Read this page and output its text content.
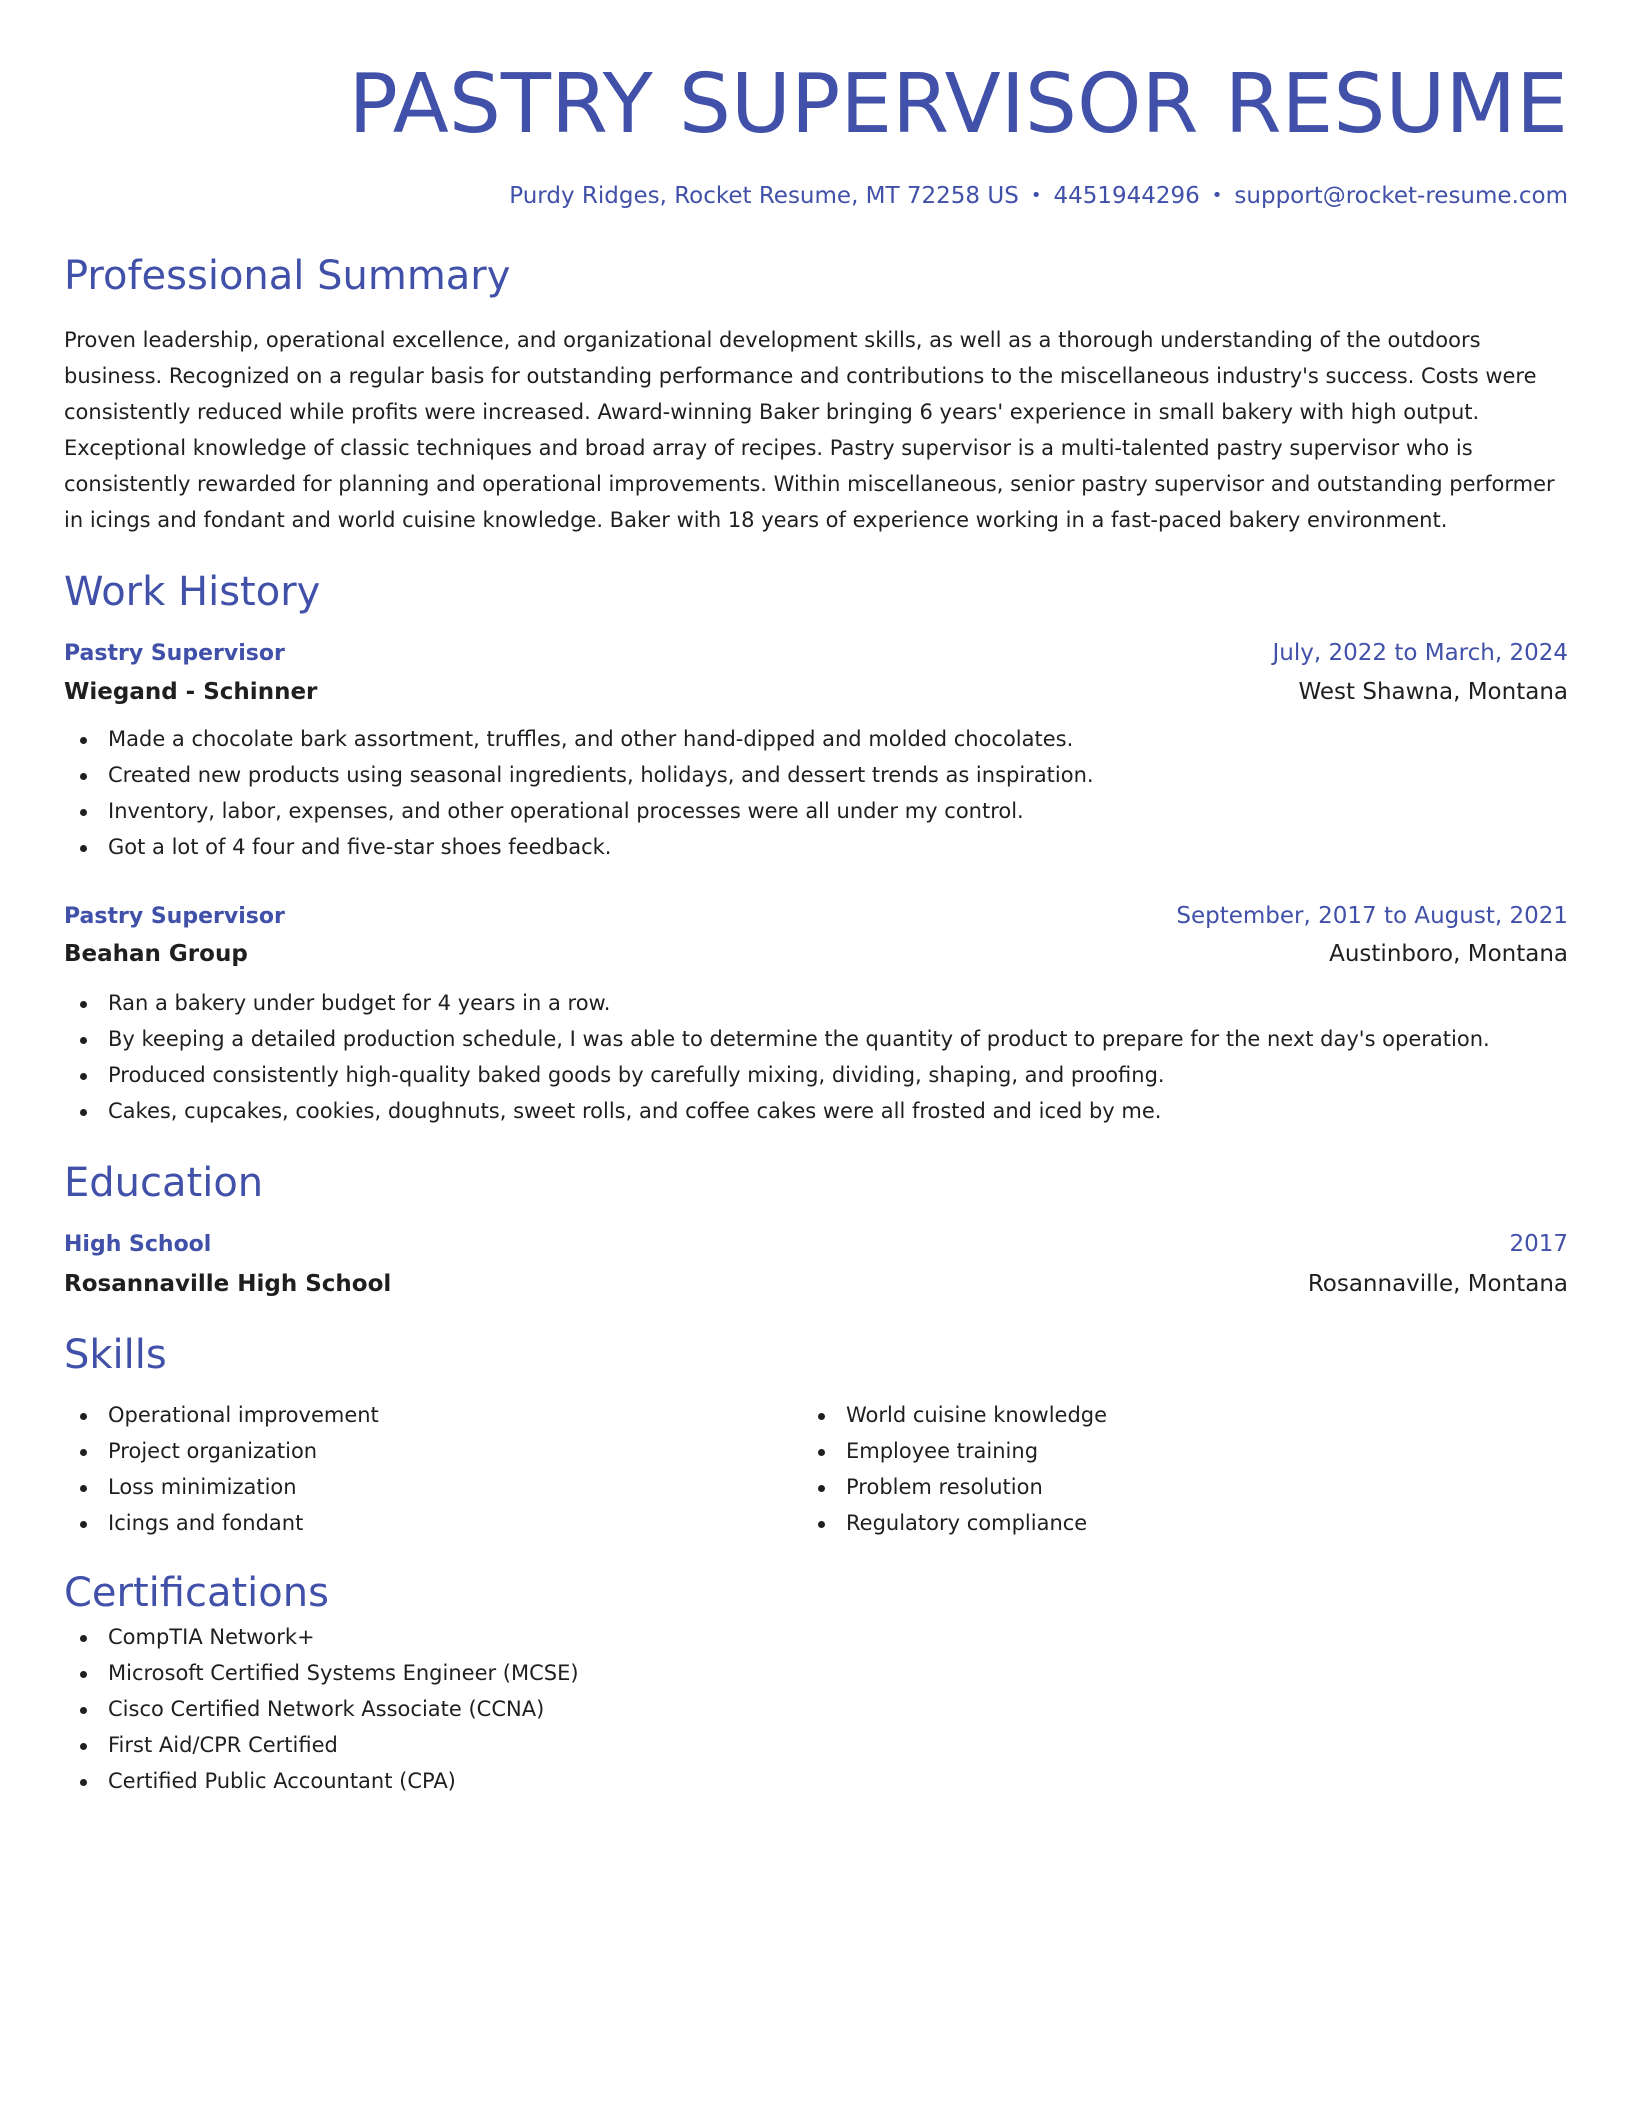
PASTRY SUPERVISOR RESUME
Purdy Ridges, Rocket Resume, MT 72258 US • 4451944296 • support@rocket-resume.com
Professional Summary
Proven leadership, operational excellence, and organizational development skills, as well as a thorough understanding of the outdoors business. Recognized on a regular basis for outstanding performance and contributions to the miscellaneous industry's success. Costs were consistently reduced while profits were increased. Award-winning Baker bringing 6 years' experience in small bakery with high output. Exceptional knowledge of classic techniques and broad array of recipes. Pastry supervisor is a multi-talented pastry supervisor who is consistently rewarded for planning and operational improvements. Within miscellaneous, senior pastry supervisor and outstanding performer in icings and fondant and world cuisine knowledge. Baker with 18 years of experience working in a fast-paced bakery environment.
Work History
Pastry Supervisor	July, 2022 to March, 2024
Wiegand - Schinner	West Shawna, Montana
Made a chocolate bark assortment, truffles, and other hand-dipped and molded chocolates.
Created new products using seasonal ingredients, holidays, and dessert trends as inspiration.
Inventory, labor, expenses, and other operational processes were all under my control.
Got a lot of 4 four and five-star shoes feedback.
Pastry Supervisor	September, 2017 to August, 2021
Beahan Group	Austinboro, Montana
Ran a bakery under budget for 4 years in a row.
By keeping a detailed production schedule, I was able to determine the quantity of product to prepare for the next day's operation.
Produced consistently high-quality baked goods by carefully mixing, dividing, shaping, and proofing.
Cakes, cupcakes, cookies, doughnuts, sweet rolls, and coffee cakes were all frosted and iced by me.
Education
High School	2017
Rosannaville High School	Rosannaville, Montana
Skills
Operational improvement
Project organization
Loss minimization
Icings and fondant
World cuisine knowledge
Employee training
Problem resolution
Regulatory compliance
Certifications
CompTIA Network+
Microsoft Certified Systems Engineer (MCSE)
Cisco Certified Network Associate (CCNA)
First Aid/CPR Certified
Certified Public Accountant (CPA)
